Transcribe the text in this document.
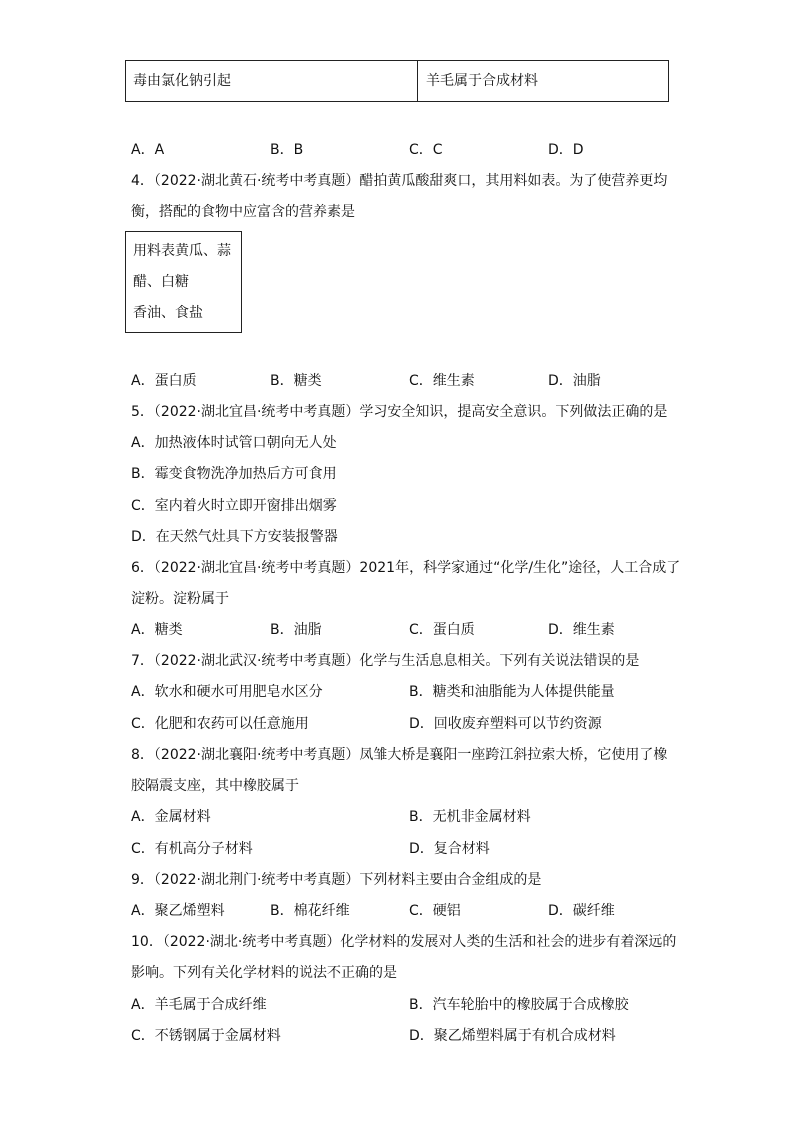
毒由氯化钠引起	羊毛属于合成材料
A．A	B．B	C．C	D．D
4．（2022·湖北黄石·统考中考真题）醋拍黄瓜酸甜爽口，其用料如表。为了使营养更均
衡，搭配的食物中应富含的营养素是
用料表黄瓜、蒜
醋、白糖
香油、食盐
A．蛋白质	B．糖类	C．维生素	D．油脂
5．（2022·湖北宜昌·统考中考真题）学习安全知识，提高安全意识。下列做法正确的是
A．加热液体时试管口朝向无人处
B．霉变食物洗净加热后方可食用
C．室内着火时立即开窗排出烟雾
D．在天然气灶具下方安装报警器
6．（2022·湖北宜昌·统考中考真题）2021年，科学家通过“化学/生化”途径，人工合成了
淀粉。淀粉属于
A．糖类	B．油脂	C．蛋白质	D．维生素
7．（2022·湖北武汉·统考中考真题）化学与生活息息相关。下列有关说法错误的是
A．软水和硬水可用肥皂水区分	B．糖类和油脂能为人体提供能量
C．化肥和农药可以任意施用	D．回收废弃塑料可以节约资源
8．（2022·湖北襄阳·统考中考真题）凤雏大桥是襄阳一座跨江斜拉索大桥，它使用了橡
胶隔震支座，其中橡胶属于
A．金属材料	B．无机非金属材料
C．有机高分子材料	D．复合材料
9．（2022·湖北荆门·统考中考真题）下列材料主要由合金组成的是
A．聚乙烯塑料	B．棉花纤维	C．硬铝	D．碳纤维
10．（2022·湖北·统考中考真题）化学材料的发展对人类的生活和社会的进步有着深远的
影响。下列有关化学材料的说法不正确的是
A．羊毛属于合成纤维	B．汽车轮胎中的橡胶属于合成橡胶
C．不锈钢属于金属材料	D．聚乙烯塑料属于有机合成材料
